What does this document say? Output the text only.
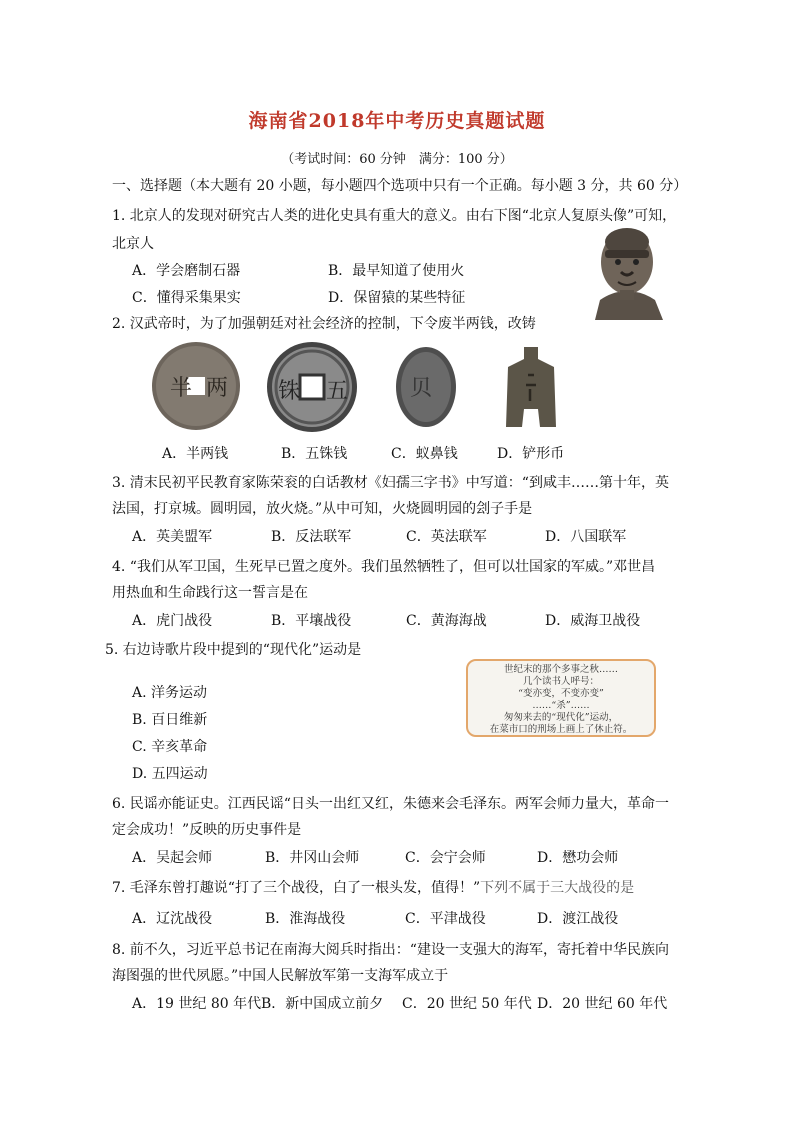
海南省2018年中考历史真题试题
（考试时间：60 分钟　满分：100 分）
一、选择题（本大题有 20 小题，每小题四个选项中只有一个正确。每小题 3 分，共 60 分）
1. 北京人的发现对研究古人类的进化史具有重大的意义。由右下图“北京人复原头像”可知，
北京人
A．学会磨制石器	B．最早知道了使用火
C．懂得采集果实	D．保留猿的某些特征
2. 汉武帝时，为了加强朝廷对社会经济的控制，下令废半两钱，改铸
半 两 铢 五	贝
A．半两钱	B．五铢钱	C．蚁鼻钱	D．铲形币
3. 清末民初平民教育家陈荣衮的白话教材《妇孺三字书》中写道：“到咸丰……第十年，英
法国，打京城。圆明园，放火烧。”从中可知，火烧圆明园的刽子手是
A．英美盟军	B．反法联军	C．英法联军	D．八国联军
4. “我们从军卫国，生死早已置之度外。我们虽然牺牲了，但可以壮国家的军威。”邓世昌
用热血和生命践行这一誓言是在
A．虎门战役	B．平壤战役	C．黄海海战	D．威海卫战役
5. 右边诗歌片段中提到的“现代化”运动是
A. 洋务运动
B. 百日维新
C. 辛亥革命
D. 五四运动
世纪末的那个多事之秋……
几个读书人呼号：
“变亦变，不变亦变”
……“杀”……
匆匆来去的“现代化”运动，
在菜市口的刑场上画上了休止符。
6. 民谣亦能证史。江西民谣“日头一出红又红，朱德来会毛泽东。两军会师力量大，革命一
定会成功！”反映的历史事件是
A．吴起会师	B．井冈山会师	C．会宁会师	D．懋功会师
7. 毛泽东曾打趣说“打了三个战役，白了一根头发，值得！”下列不属于三大战役的是
A．辽沈战役	B．淮海战役	C．平津战役	D．渡江战役
8. 前不久，习近平总书记在南海大阅兵时指出：“建设一支强大的海军，寄托着中华民族向
海图强的世代夙愿。”中国人民解放军第一支海军成立于
A．19 世纪 80 年代 B．新中国成立前夕 C．20 世纪 50 年代 D．20 世纪 60 年代
